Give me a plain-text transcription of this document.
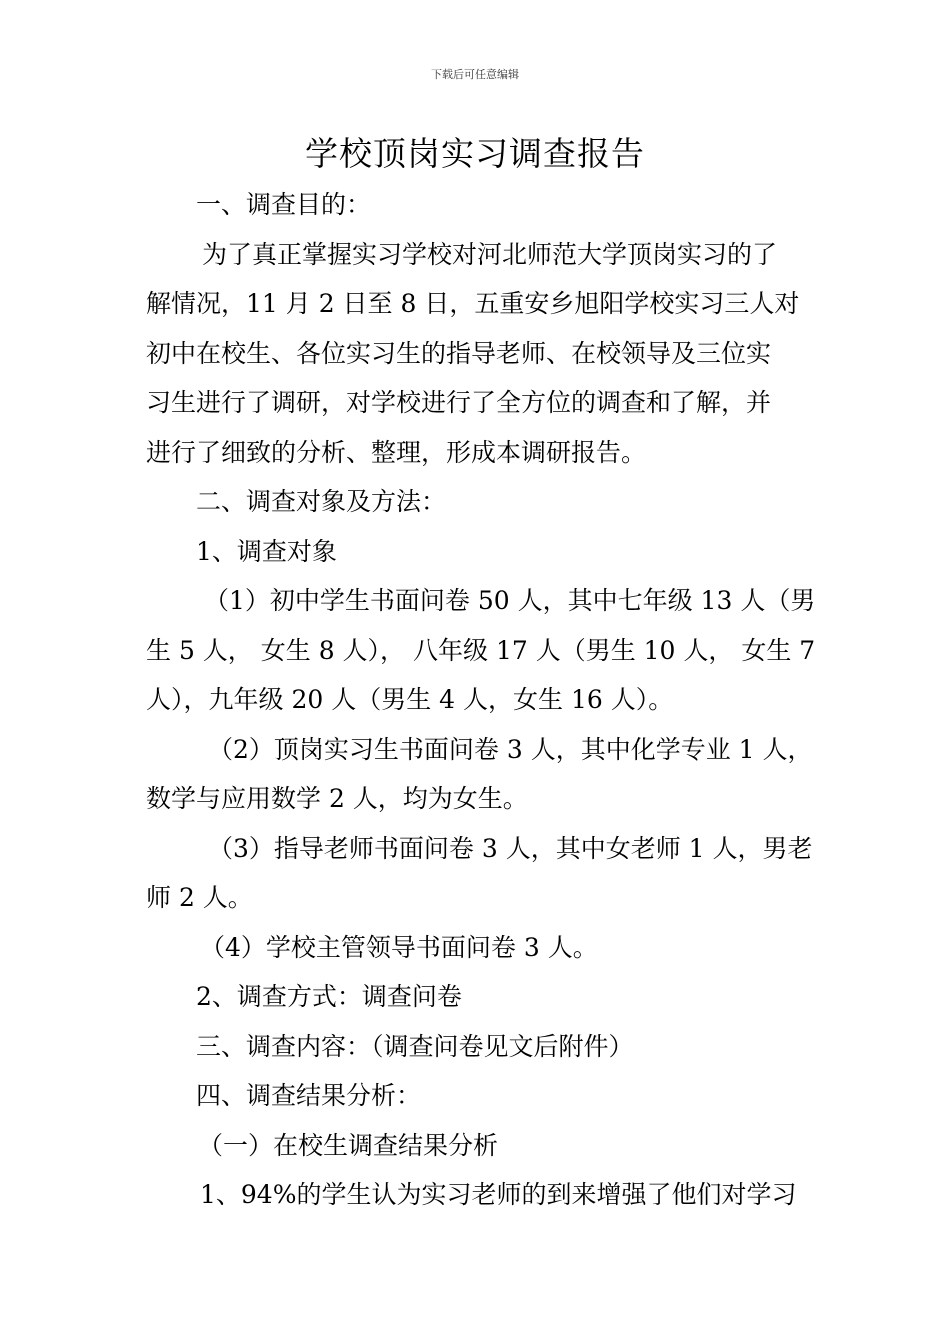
下载后可任意编辑
学校顶岗实习调查报告

一、调查目的：

为了真正掌握实习学校对河北师范大学顶岗实习的了

解情况，11 月 2 日至 8 日，五重安乡旭阳学校实习三人对

初中在校生、各位实习生的指导老师、在校领导及三位实

习生进行了调研，对学校进行了全方位的调查和了解，并

进行了细致的分析、整理，形成本调研报告。

二、调查对象及方法：

1、调查对象

（1）初中学生书面问卷 50 人，其中七年级 13 人（男

生 5 人， 女生 8 人）， 八年级 17 人（男生 10 人， 女生 7

人），九年级 20 人（男生 4 人，女生 16 人）。

（2）顶岗实习生书面问卷 3 人，其中化学专业 1 人，

数学与应用数学 2 人，均为女生。

（3）指导老师书面问卷 3 人，其中女老师 1 人，男老

师 2 人。

（4）学校主管领导书面问卷 3 人。

2、调查方式：调查问卷

三、调查内容：（调查问卷见文后附件）

四、调查结果分析：

（一）在校生调查结果分析

1、94%的学生认为实习老师的到来增强了他们对学习
